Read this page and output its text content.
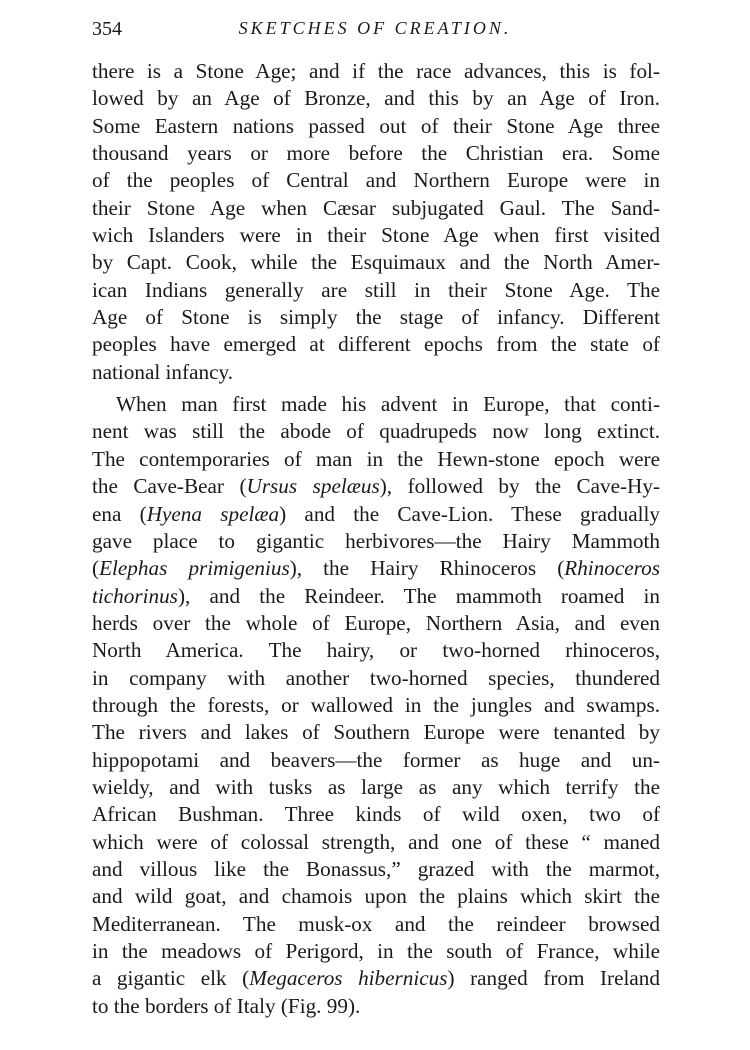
354	SKETCHES OF CREATION.
there is a Stone Age; and if the race advances, this is fol-
lowed by an Age of Bronze, and this by an Age of Iron.
Some Eastern nations passed out of their Stone Age three
thousand years or more before the Christian era. Some
of the peoples of Central and Northern Europe were in
their Stone Age when Cæsar subjugated Gaul. The Sand-
wich Islanders were in their Stone Age when first visited
by Capt. Cook, while the Esquimaux and the North Amer-
ican Indians generally are still in their Stone Age. The
Age of Stone is simply the stage of infancy. Different
peoples have emerged at different epochs from the state of
national infancy.
When man first made his advent in Europe, that conti-
nent was still the abode of quadrupeds now long extinct.
The contemporaries of man in the Hewn-stone epoch were
the Cave-Bear (Ursus spelæus), followed by the Cave-Hy-
ena (Hyena spelæa) and the Cave-Lion. These gradually
gave place to gigantic herbivores—the Hairy Mammoth
(Elephas primigenius), the Hairy Rhinoceros (Rhinoceros
tichorinus), and the Reindeer. The mammoth roamed in
herds over the whole of Europe, Northern Asia, and even
North America. The hairy, or two-horned rhinoceros,
in company with another two-horned species, thundered
through the forests, or wallowed in the jungles and swamps.
The rivers and lakes of Southern Europe were tenanted by
hippopotami and beavers—the former as huge and un-
wieldy, and with tusks as large as any which terrify the
African Bushman. Three kinds of wild oxen, two of
which were of colossal strength, and one of these “ maned
and villous like the Bonassus,” grazed with the marmot,
and wild goat, and chamois upon the plains which skirt the
Mediterranean. The musk-ox and the reindeer browsed
in the meadows of Perigord, in the south of France, while
a gigantic elk (Megaceros hibernicus) ranged from Ireland
to the borders of Italy (Fig. 99).
